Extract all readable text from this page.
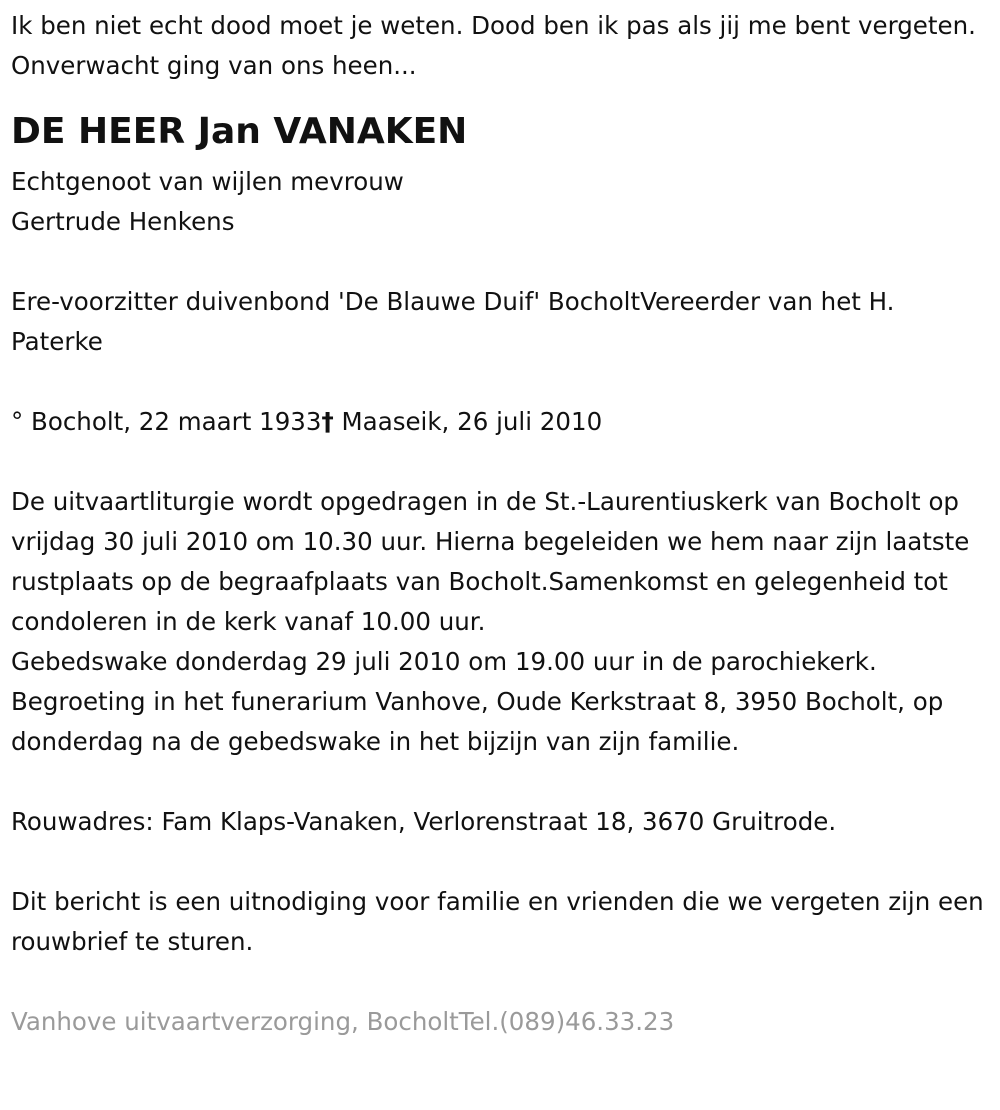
Ik ben niet echt dood moet je weten. Dood ben ik pas als jij me bent vergeten. Onverwacht ging van ons heen...

DE HEER Jan VANAKEN

Echtgenoot van wijlen mevrouw

Gertrude Henkens

Ere-voorzitter duivenbond 'De Blauwe Duif' BocholtVereerder van het H. Paterke

° Bocholt, 22 maart 1933† Maaseik, 26 juli 2010

De uitvaartliturgie wordt opgedragen in de St.-Laurentiuskerk van Bocholt op vrijdag 30 juli 2010 om 10.30 uur. Hierna begeleiden we hem naar zijn laatste rustplaats op de begraafplaats van Bocholt.Samenkomst en gelegenheid tot condoleren in de kerk vanaf 10.00 uur.

Gebedswake donderdag 29 juli 2010 om 19.00 uur in de parochiekerk.

Begroeting in het funerarium Vanhove, Oude Kerkstraat 8, 3950 Bocholt, op donderdag na de gebedswake in het bijzijn van zijn familie.

Rouwadres: Fam Klaps-Vanaken, Verlorenstraat 18, 3670 Gruitrode.

Dit bericht is een uitnodiging voor familie en vrienden die we vergeten zijn een rouwbrief te sturen.

Vanhove uitvaartverzorging, BocholtTel.(089)46.33.23
